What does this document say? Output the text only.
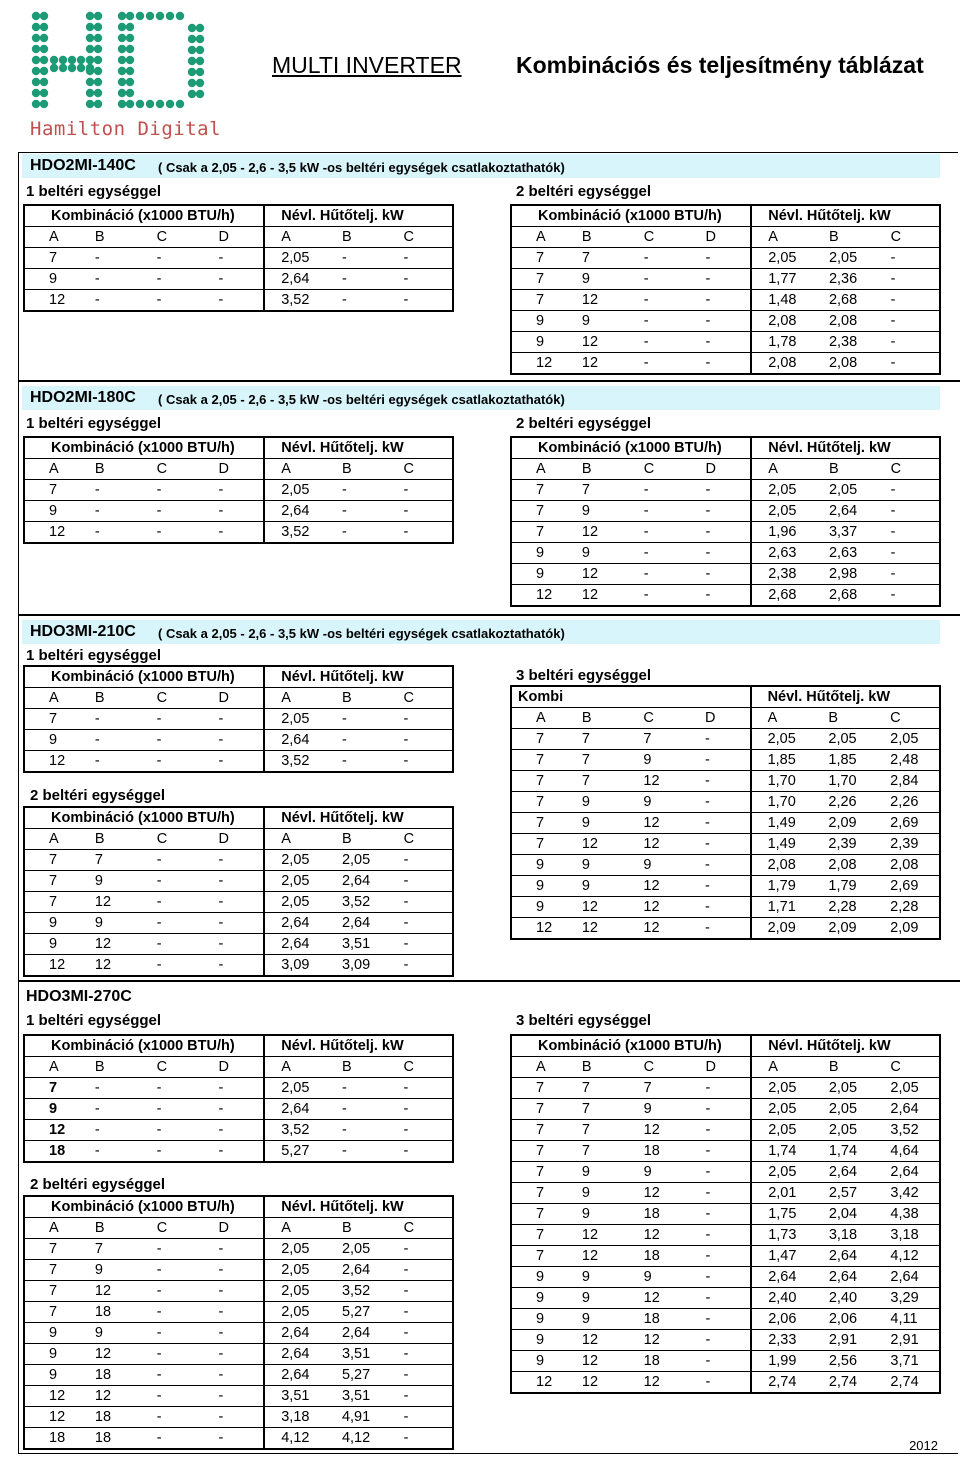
Hamilton Digital
MULTI INVERTER	Kombinációs és teljesítmény táblázat
HDO2MI-140C ( Csak a 2,05 - 2,6 - 3,5 kW -os beltéri egységek csatlakoztathatók)
1 beltéri egységgel	2 beltéri egységgel
Kombináció (x1000 BTU/h)				Névl. Hűtőtelj. kW		
A	B	C	D	A	B	C
7	-	-	-	2,05	-	-
9	-	-	-	2,64	-	-
12	-	-	-	3,52	-	-
Kombináció (x1000 BTU/h)				Névl. Hűtőtelj. kW		
A	B	C	D	A	B	C
7	7	-	-	2,05	2,05	-
7	9	-	-	1,77	2,36	-
7	12	-	-	1,48	2,68	-
9	9	-	-	2,08	2,08	-
9	12	-	-	1,78	2,38	-
12	12	-	-	2,08	2,08	-
HDO2MI-180C ( Csak a 2,05 - 2,6 - 3,5 kW -os beltéri egységek csatlakoztathatók)
1 beltéri egységgel	2 beltéri egységgel
Kombináció (x1000 BTU/h)				Névl. Hűtőtelj. kW		
A	B	C	D	A	B	C
7	-	-	-	2,05	-	-
9	-	-	-	2,64	-	-
12	-	-	-	3,52	-	-
Kombináció (x1000 BTU/h)				Névl. Hűtőtelj. kW		
A	B	C	D	A	B	C
7	7	-	-	2,05	2,05	-
7	9	-	-	2,05	2,64	-
7	12	-	-	1,96	3,37	-
9	9	-	-	2,63	2,63	-
9	12	-	-	2,38	2,98	-
12	12	-	-	2,68	2,68	-
HDO3MI-210C ( Csak a 2,05 - 2,6 - 3,5 kW -os beltéri egységek csatlakoztathatók)
1 beltéri egységgel
3 beltéri egységgel
Kombináció (x1000 BTU/h)				Névl. Hűtőtelj. kW		
A	B	C	D	A	B	C
7	-	-	-	2,05	-	-
9	-	-	-	2,64	-	-
12	-	-	-	3,52	-	-
2 beltéri egységgel
Kombináció (x1000 BTU/h)				Névl. Hűtőtelj. kW		
A	B	C	D	A	B	C
7	7	-	-	2,05	2,05	-
7	9	-	-	2,05	2,64	-
7	12	-	-	2,05	3,52	-
9	9	-	-	2,64	2,64	-
9	12	-	-	2,64	3,51	-
12	12	-	-	3,09	3,09	-
Kombi				Névl. Hűtőtelj. kW		
A	B	C	D	A	B	C
7	7	7	-	2,05	2,05	2,05
7	7	9	-	1,85	1,85	2,48
7	7	12	-	1,70	1,70	2,84
7	9	9	-	1,70	2,26	2,26
7	9	12	-	1,49	2,09	2,69
7	12	12	-	1,49	2,39	2,39
9	9	9	-	2,08	2,08	2,08
9	9	12	-	1,79	1,79	2,69
9	12	12	-	1,71	2,28	2,28
12	12	12	-	2,09	2,09	2,09
HDO3MI-270C
1 beltéri egységgel	3 beltéri egységgel
Kombináció (x1000 BTU/h)				Névl. Hűtőtelj. kW		
A	B	C	D	A	B	C
7	-	-	-	2,05	-	-
9	-	-	-	2,64	-	-
12	-	-	-	3,52	-	-
18	-	-	-	5,27	-	-
2 beltéri egységgel
Kombináció (x1000 BTU/h)				Névl. Hűtőtelj. kW		
A	B	C	D	A	B	C
7	7	-	-	2,05	2,05	-
7	9	-	-	2,05	2,64	-
7	12	-	-	2,05	3,52	-
7	18	-	-	2,05	5,27	-
9	9	-	-	2,64	2,64	-
9	12	-	-	2,64	3,51	-
9	18	-	-	2,64	5,27	-
12	12	-	-	3,51	3,51	-
12	18	-	-	3,18	4,91	-
18	18	-	-	4,12	4,12	-
Kombináció (x1000 BTU/h)				Névl. Hűtőtelj. kW		
A	B	C	D	A	B	C
7	7	7	-	2,05	2,05	2,05
7	7	9	-	2,05	2,05	2,64
7	7	12	-	2,05	2,05	3,52
7	7	18	-	1,74	1,74	4,64
7	9	9	-	2,05	2,64	2,64
7	9	12	-	2,01	2,57	3,42
7	9	18	-	1,75	2,04	4,38
7	12	12	-	1,73	3,18	3,18
7	12	18	-	1,47	2,64	4,12
9	9	9	-	2,64	2,64	2,64
9	9	12	-	2,40	2,40	3,29
9	9	18	-	2,06	2,06	4,11
9	12	12	-	2,33	2,91	2,91
9	12	18	-	1,99	2,56	3,71
12	12	12	-	2,74	2,74	2,74
2012
